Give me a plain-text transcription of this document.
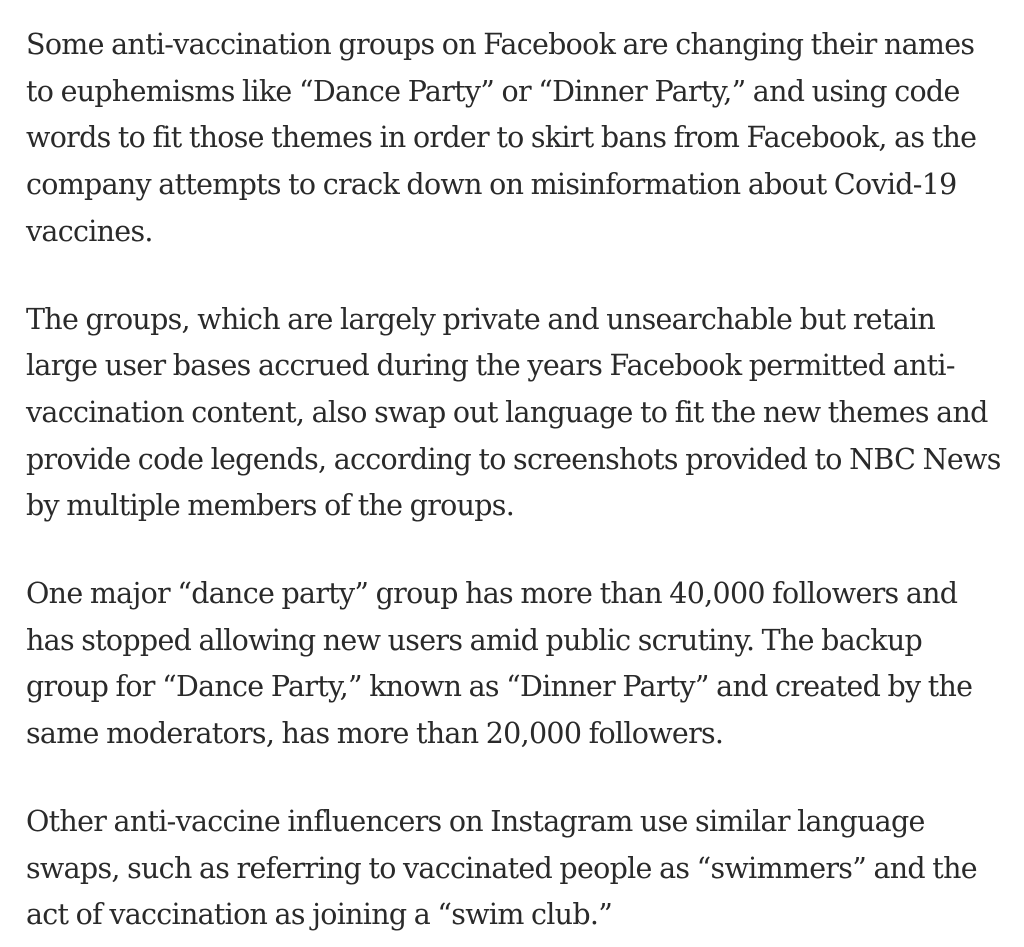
Some anti-vaccination groups on Facebook are changing their names to euphemisms like “Dance Party” or “Dinner Party,” and using code words to fit those themes in order to skirt bans from Facebook, as the company attempts to crack down on misinformation about Covid-19 vaccines.

The groups, which are largely private and unsearchable but retain large user bases accrued during the years Facebook permitted anti-vaccination content, also swap out language to fit the new themes and provide code legends, according to screenshots provided to NBC News by multiple members of the groups.

One major “dance party” group has more than 40,000 followers and has stopped allowing new users amid public scrutiny. The backup group for “Dance Party,” known as “Dinner Party” and created by the same moderators, has more than 20,000 followers.

Other anti-vaccine influencers on Instagram use similar language swaps, such as referring to vaccinated people as “swimmers” and the act of vaccination as joining a “swim club.”
